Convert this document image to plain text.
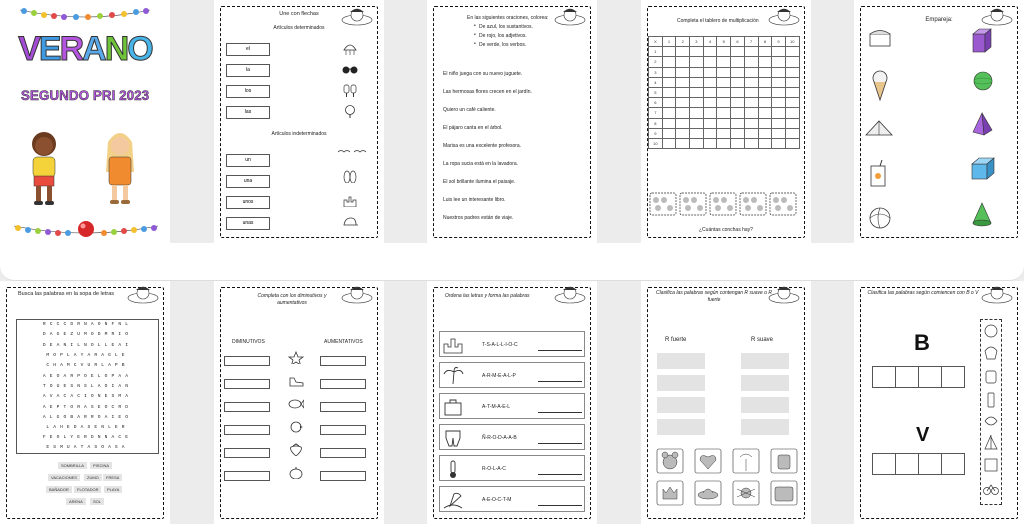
VERANO
SEGUNDO PRI 2023
Une con flechas
Artículos determinados
el
la
los
las
Artículos indeterminados
un
una
unos
unas
En las siguientes oraciones, colorea:
De azul, los sustantivos.
De rojo, los adjetivos.
De verde, los verbos.
•
•
•
El niño juega con su nuevo juguete.
Las hermosas flores crecen en el jardín.
Quiero un café caliente.
El pájaro canta en el árbol.
Marisa es una excelente profesora.
La ropa sucia está en la lavadora.
El sol brillante ilumina el paisaje.
Luis lee un interesante libro.
Nuestros padres están de viaje.
Completa el tablero de multiplicación
X	1	2	3	4	5	6	7	8	9	10
1										
2										
3										
4										
5										
6										
7										
8										
9										
10										
¿Cuántas conchas hay?
Empareja:
Busca las palabras en la sopa de letras
RCCCDRNAONFNL
DAGEZUMODMRIO
DEANILNOLLEAI
MOPLAYARAGLE
CHAMCVURLAPB
AEOARPOELOPAA
TOUESNSLAOIAN
AVACACIONESMA
AEPTORASEOCRD
ALGOBARROAIEO
LAHEDASENLER
FEOLYERDNNACE
ESMUATASOASA
SOMBRILLA	PISCINA
VACACIONES	ZUMO	FRESA
BAÑADOR	FLOTADOR	PLAYA
ARENA	SOL
Completa con los diminutivos y aumentativos
DIMINUTIVOS	AUMENTATIVOS
Ordena las letras y forma las palabras
T-S-A-L-L-I-O-C
A-R-M-E-A-L-P
A-T-M-A-E-L
Ñ-R-O-D-A-A-B
R-O-L-A-C
A-E-O-C-T-M
Clasifica las palabras según contengan R suave o R fuerte
R fuerte	R suave
Clasifica las palabras según comiencen con B o V
B
V
